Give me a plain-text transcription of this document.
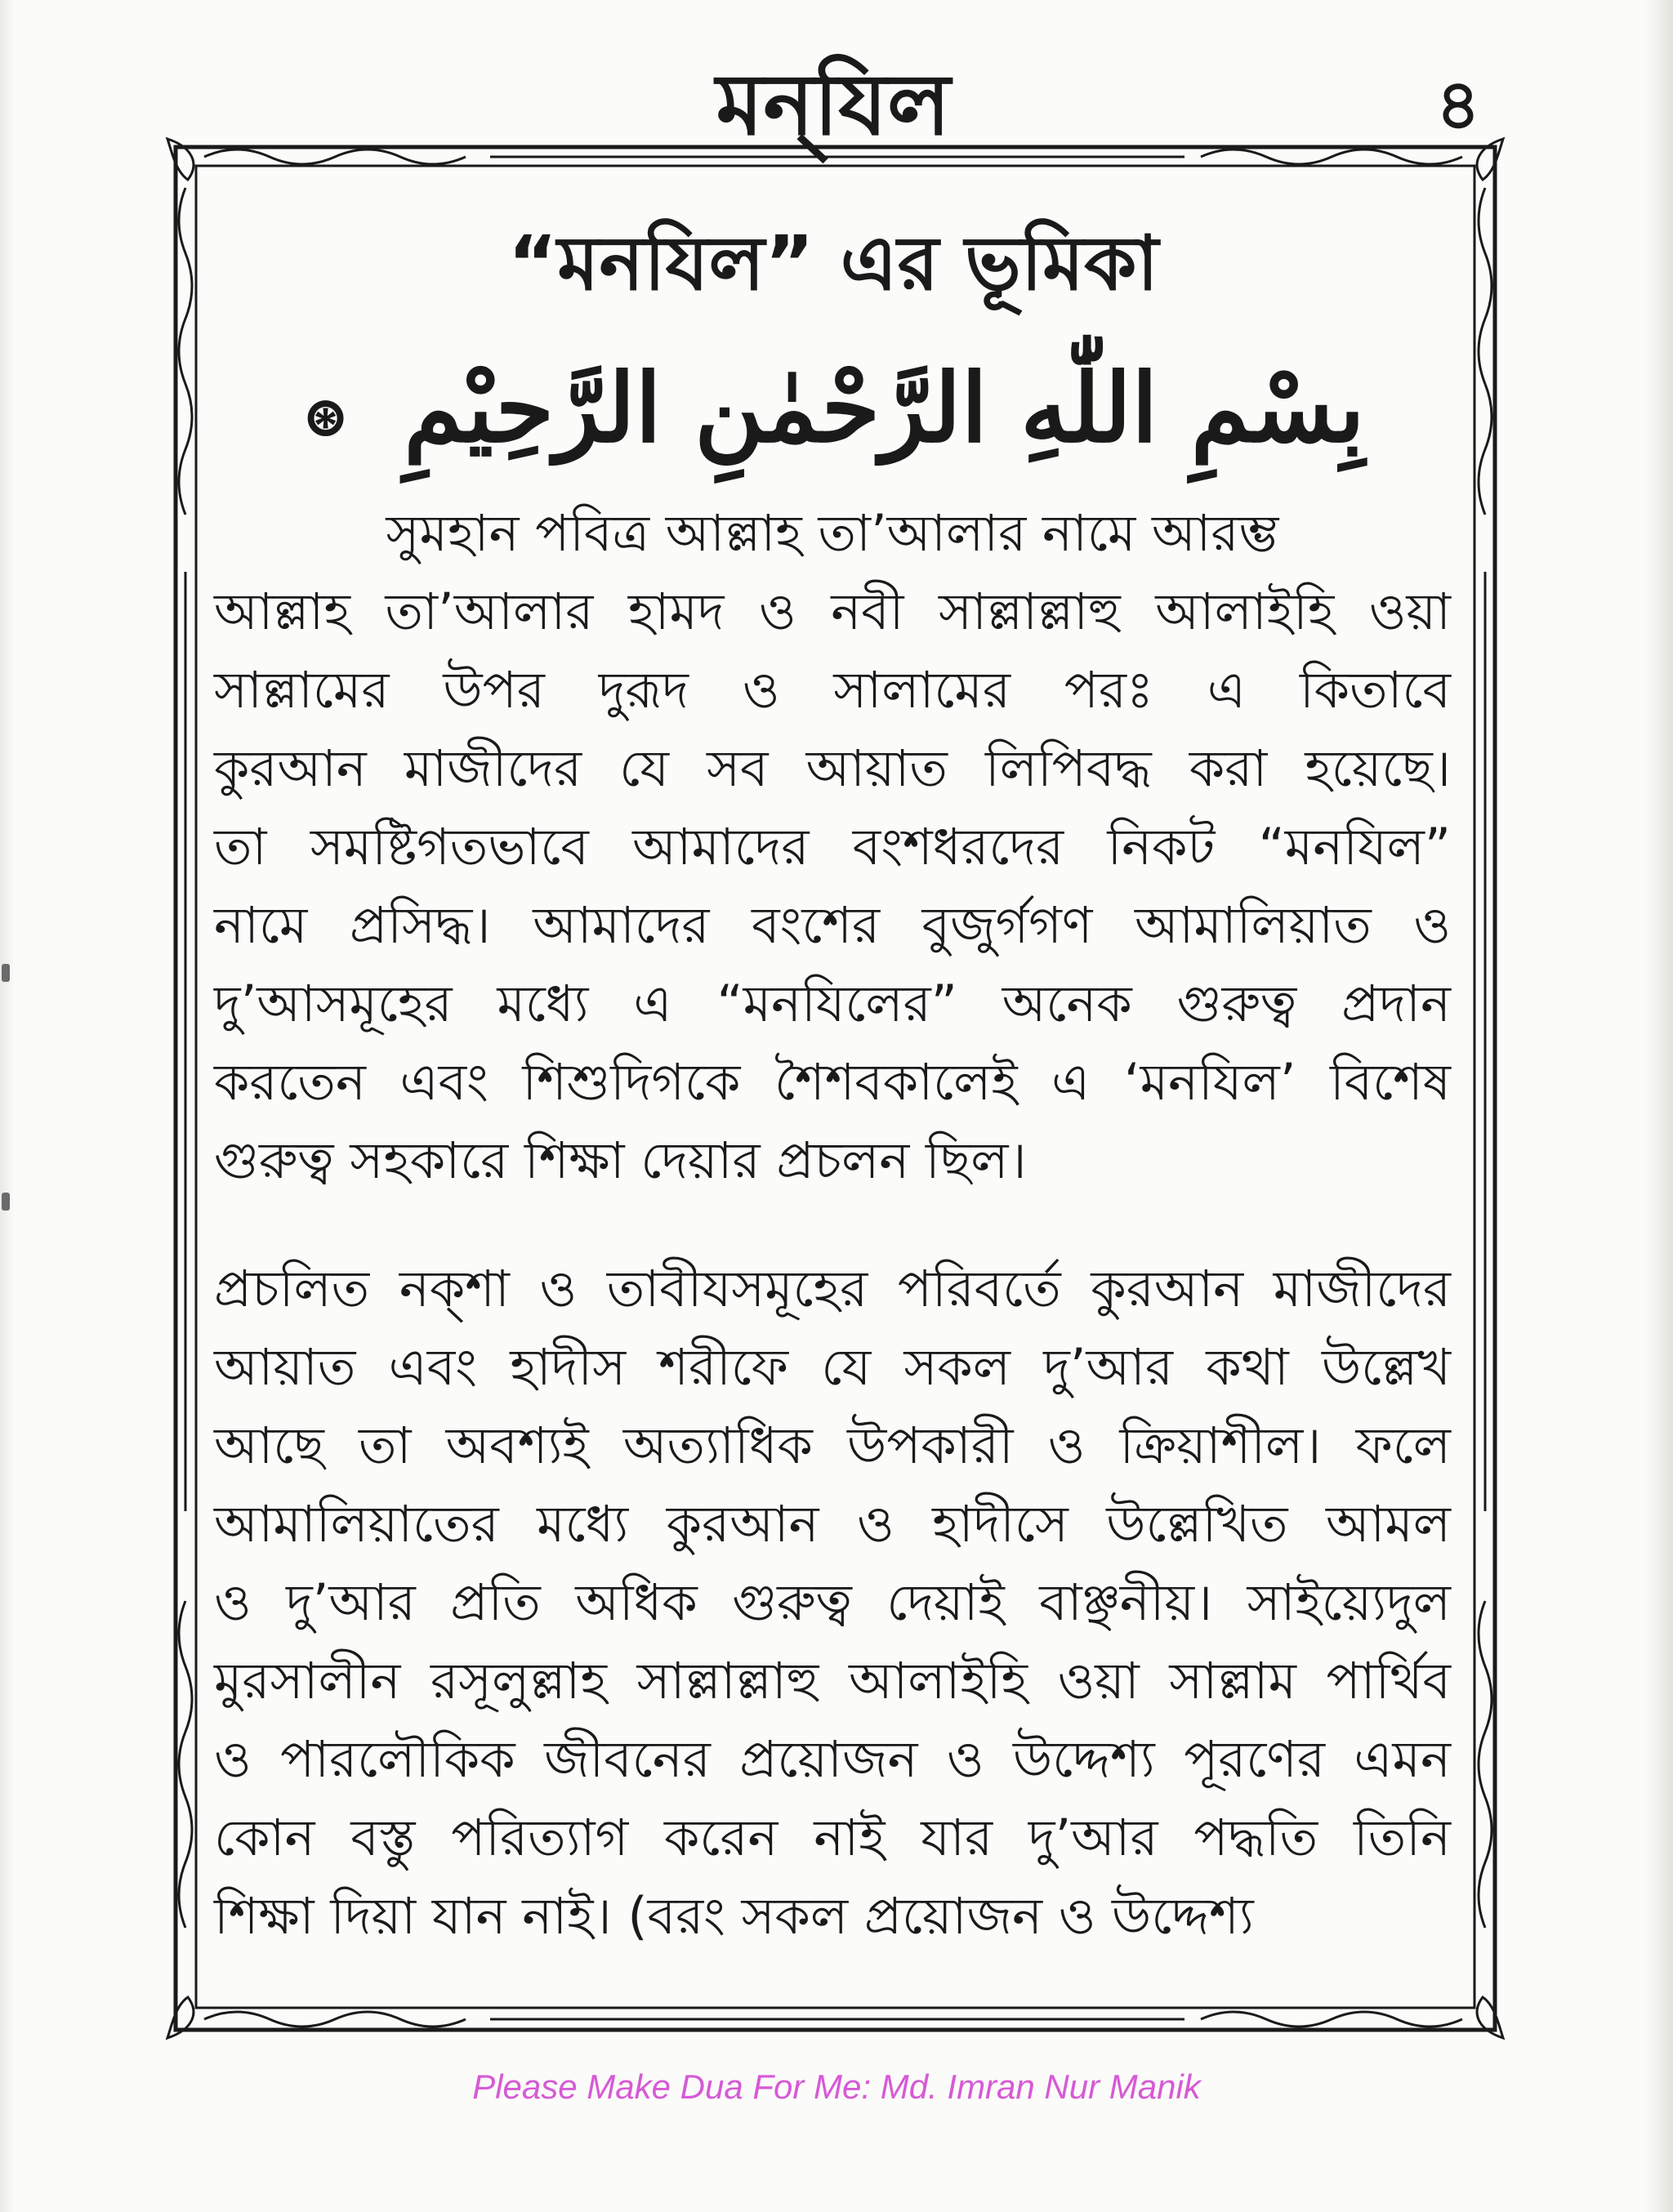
মন্‌যিল	৪
“মনযিল” এর ভূমিকা
بِسْمِ اللّٰهِ الرَّحْمٰنِ الرَّحِيْمِ ⊛
সুমহান পবিত্র আল্লাহ তা’আলার নামে আরম্ভ
আল্লাহ তা’আলার হামদ ও নবী সাল্লাল্লাহু আলাইহি ওয়া
সাল্লামের উপর দুরূদ ও সালামের পরঃ এ কিতাবে
কুরআন মাজীদের যে সব আয়াত লিপিবদ্ধ করা হয়েছে।
তা সমষ্টিগতভাবে আমাদের বংশধরদের নিকট “মনযিল”
নামে প্রসিদ্ধ। আমাদের বংশের বুজুর্গগণ আমালিয়াত ও
দু’আসমূহের মধ্যে এ “মনযিলের” অনেক গুরুত্ব প্রদান
করতেন এবং শিশুদিগকে শৈশবকালেই এ ‘মনযিল’ বিশেষ
গুরুত্ব সহকারে শিক্ষা দেয়ার প্রচলন ছিল।
প্রচলিত নক্‌শা ও তাবীযসমূহের পরিবর্তে কুরআন মাজীদের
আয়াত এবং হাদীস শরীফে যে সকল দু’আর কথা উল্লেখ
আছে তা অবশ্যই অত্যাধিক উপকারী ও ক্রিয়াশীল। ফলে
আমালিয়াতের মধ্যে কুরআন ও হাদীসে উল্লেখিত আমল
ও দু’আর প্রতি অধিক গুরুত্ব দেয়াই বাঞ্ছনীয়। সাইয়্যেদুল
মুরসালীন রসূলুল্লাহ সাল্লাল্লাহু আলাইহি ওয়া সাল্লাম পার্থিব
ও পারলৌকিক জীবনের প্রয়োজন ও উদ্দেশ্য পূরণের এমন
কোন বস্তু পরিত্যাগ করেন নাই যার দু’আর পদ্ধতি তিনি
শিক্ষা দিয়া যান নাই। (বরং সকল প্রয়োজন ও উদ্দেশ্য
Please Make Dua For Me: Md. Imran Nur Manik
